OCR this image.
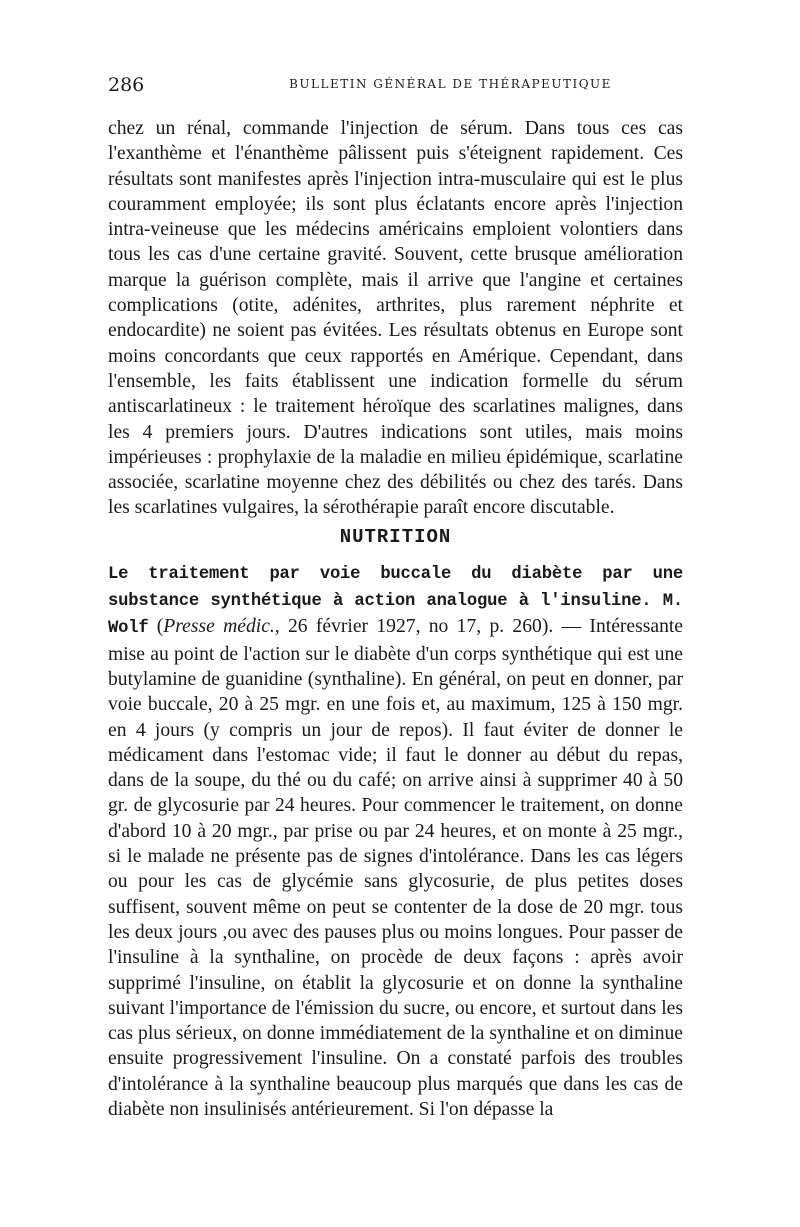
286	BULLETIN GÉNÉRAL DE THÉRAPEUTIQUE

chez un rénal, commande l'injection de sérum. Dans tous ces cas l'exanthème et l'énanthème pâlissent puis s'éteignent rapidement. Ces résultats sont manifestes après l'injection intra-musculaire qui est le plus couramment employée; ils sont plus éclatants encore après l'injection intra-veineuse que les médecins américains emploient volontiers dans tous les cas d'une certaine gravité. Souvent, cette brusque amélioration marque la guérison complète, mais il arrive que l'angine et certaines complications (otite, adénites, arthrites, plus rarement néphrite et endocardite) ne soient pas évitées. Les résultats obtenus en Europe sont moins concordants que ceux rapportés en Amérique. Cependant, dans l'ensemble, les faits établissent une indication formelle du sérum antiscarlatineux : le traitement héroïque des scarlatines malignes, dans les 4 premiers jours. D'autres indications sont utiles, mais moins impérieuses : prophylaxie de la maladie en milieu épidémique, scarlatine associée, scarlatine moyenne chez des débilités ou chez des tarés. Dans les scarlatines vulgaires, la sérothérapie paraît encore discutable.

NUTRITION

Le traitement par voie buccale du diabète par une substance synthétique à action analogue à l'insuline. M. Wolf (Presse médic., 26 février 1927, no 17, p. 260). — Intéressante mise au point de l'action sur le diabète d'un corps synthétique qui est une butylamine de guanidine (synthaline). En général, on peut en donner, par voie buccale, 20 à 25 mgr. en une fois et, au maximum, 125 à 150 mgr. en 4 jours (y compris un jour de repos). Il faut éviter de donner le médicament dans l'estomac vide; il faut le donner au début du repas, dans de la soupe, du thé ou du café; on arrive ainsi à supprimer 40 à 50 gr. de glycosurie par 24 heures. Pour commencer le traitement, on donne d'abord 10 à 20 mgr., par prise ou par 24 heures, et on monte à 25 mgr., si le malade ne présente pas de signes d'intolérance. Dans les cas légers ou pour les cas de glycémie sans glycosurie, de plus petites doses suffisent, souvent même on peut se contenter de la dose de 20 mgr. tous les deux jours ,ou avec des pauses plus ou moins longues. Pour passer de l'insuline à la synthaline, on procède de deux façons : après avoir supprimé l'insuline, on établit la glycosurie et on donne la synthaline suivant l'importance de l'émission du sucre, ou encore, et surtout dans les cas plus sérieux, on donne immédiatement de la synthaline et on diminue ensuite progressivement l'insuline. On a constaté parfois des troubles d'intolérance à la synthaline beaucoup plus marqués que dans les cas de diabète non insulinisés antérieurement. Si l'on dépasse la
